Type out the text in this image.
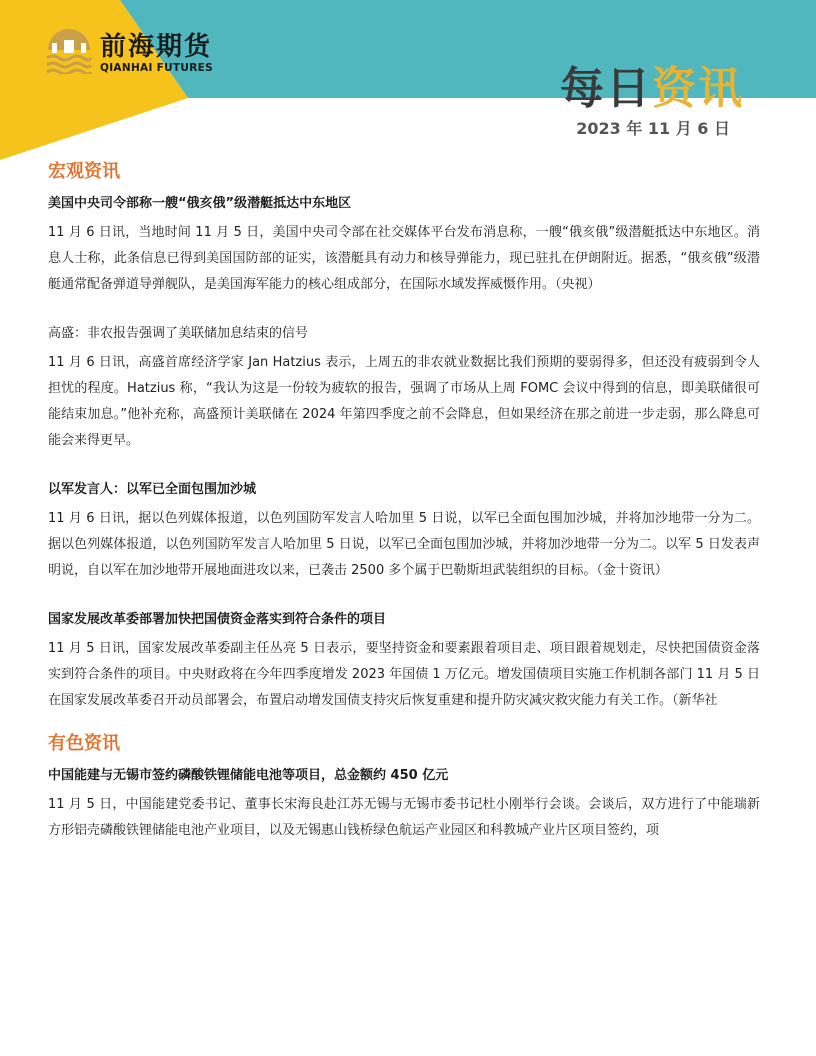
前海期货
QIANHAI FUTURES	每日资讯
2023 年 11 月 6 日
宏观资讯
美国中央司令部称一艘“俄亥俄”级潜艇抵达中东地区

11 月 6 日讯，当地时间 11 月 5 日，美国中央司令部在社交媒体平台发布消息称，一艘“俄亥俄”级潜艇抵达中东地区。消息人士称，此条信息已得到美国国防部的证实，该潜艇具有动力和核导弹能力，现已驻扎在伊朗附近。据悉，“俄亥俄”级潜艇通常配备弹道导弹舰队，是美国海军能力的核心组成部分，在国际水域发挥威慑作用。（央视）

高盛：非农报告强调了美联储加息结束的信号

11 月 6 日讯，高盛首席经济学家 Jan Hatzius 表示，上周五的非农就业数据比我们预期的要弱得多，但还没有疲弱到令人担忧的程度。Hatzius 称，“我认为这是一份较为疲软的报告，强调了市场从上周 FOMC 会议中得到的信息，即美联储很可能结束加息。”他补充称，高盛预计美联储在 2024 年第四季度之前不会降息，但如果经济在那之前进一步走弱，那么降息可能会来得更早。

以军发言人：以军已全面包围加沙城

11 月 6 日讯，据以色列媒体报道，以色列国防军发言人哈加里 5 日说，以军已全面包围加沙城，并将加沙地带一分为二。据以色列媒体报道，以色列国防军发言人哈加里 5 日说，以军已全面包围加沙城，并将加沙地带一分为二。以军 5 日发表声明说，自以军在加沙地带开展地面进攻以来，已袭击 2500 多个属于巴勒斯坦武装组织的目标。（金十资讯）

国家发展改革委部署加快把国债资金落实到符合条件的项目

11 月 5 日讯，国家发展改革委副主任丛亮 5 日表示，要坚持资金和要素跟着项目走、项目跟着规划走，尽快把国债资金落实到符合条件的项目。中央财政将在今年四季度增发 2023 年国债 1 万亿元。增发国债项目实施工作机制各部门 11 月 5 日在国家发展改革委召开动员部署会，布置启动增发国债支持灾后恢复重建和提升防灾减灾救灾能力有关工作。（新华社

有色资讯
中国能建与无锡市签约磷酸铁锂储能电池等项目，总金额约 450 亿元

11 月 5 日，中国能建党委书记、董事长宋海良赴江苏无锡与无锡市委书记杜小刚举行会谈。会谈后，双方进行了中能瑞新方形铝壳磷酸铁锂储能电池产业项目，以及无锡惠山钱桥绿色航运产业园区和科教城产业片区项目签约，项
